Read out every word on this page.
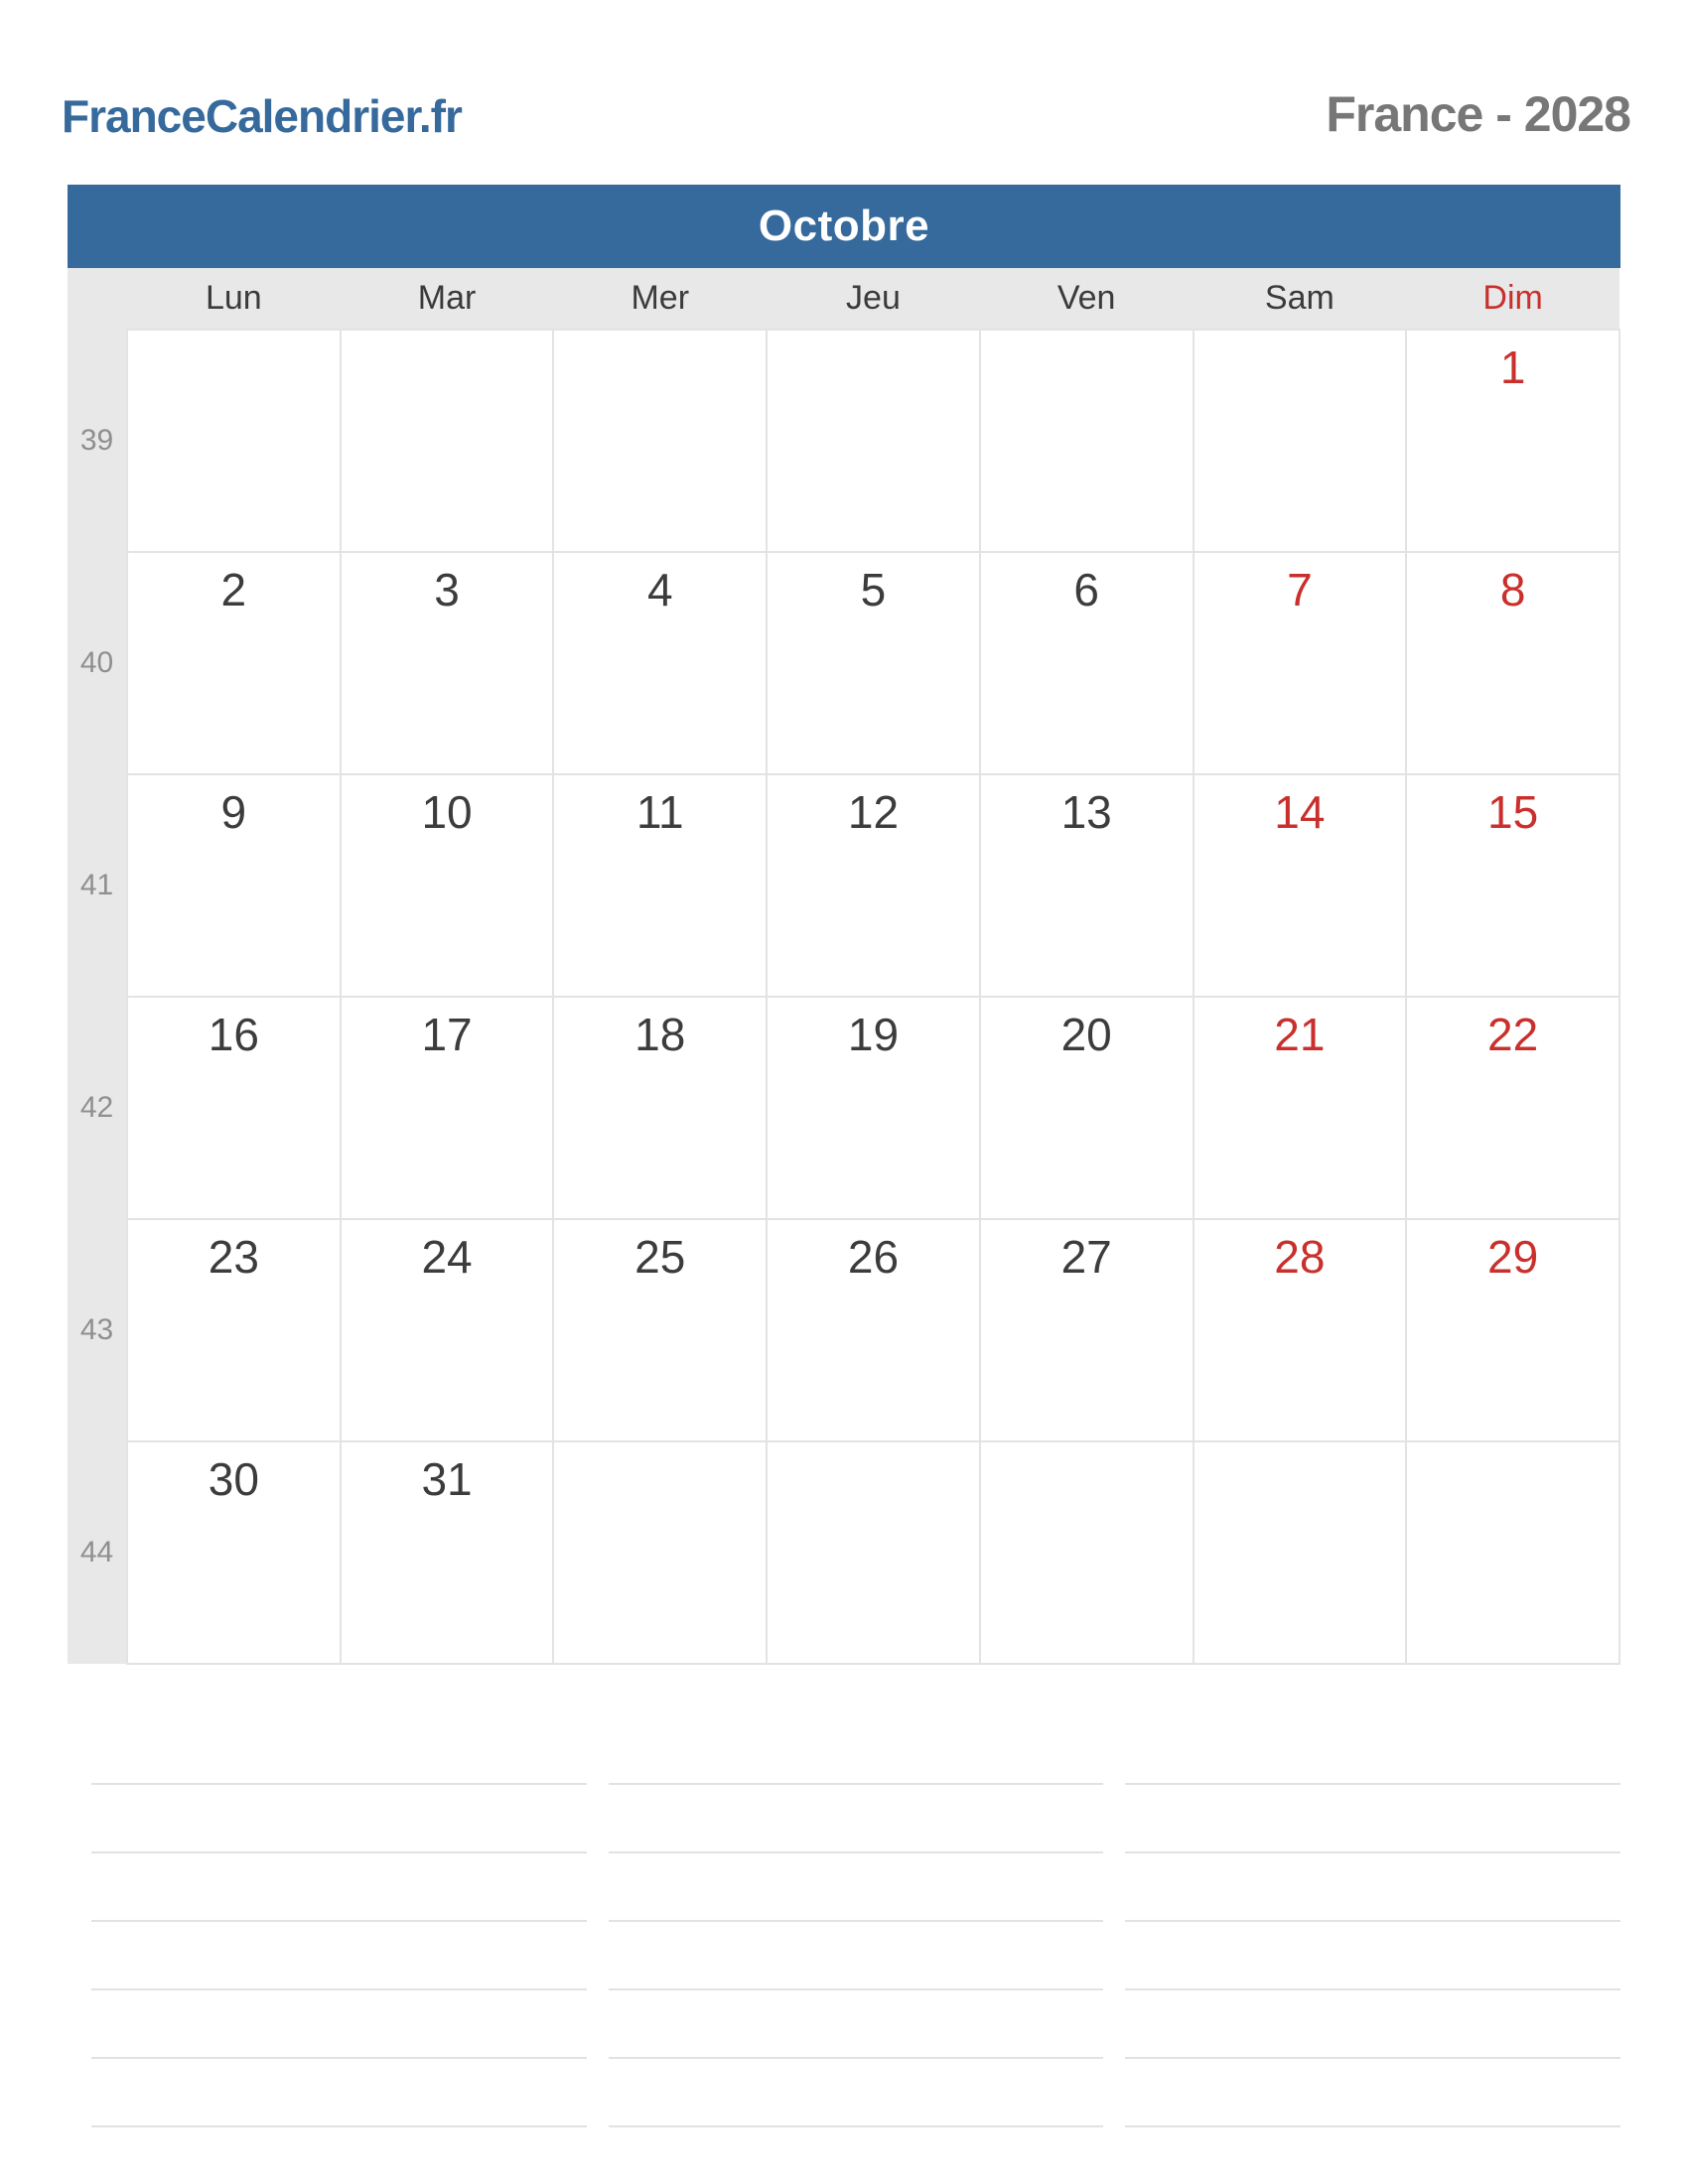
FranceCalendrier.fr	France - 2028
Octobre
	Lun	Mar	Mer	Jeu	Ven	Sam	Dim
39							1
40	2	3	4	5	6	7	8
41	9	10	11	12	13	14	15
42	16	17	18	19	20	21	22
43	23	24	25	26	27	28	29
44	30	31					
